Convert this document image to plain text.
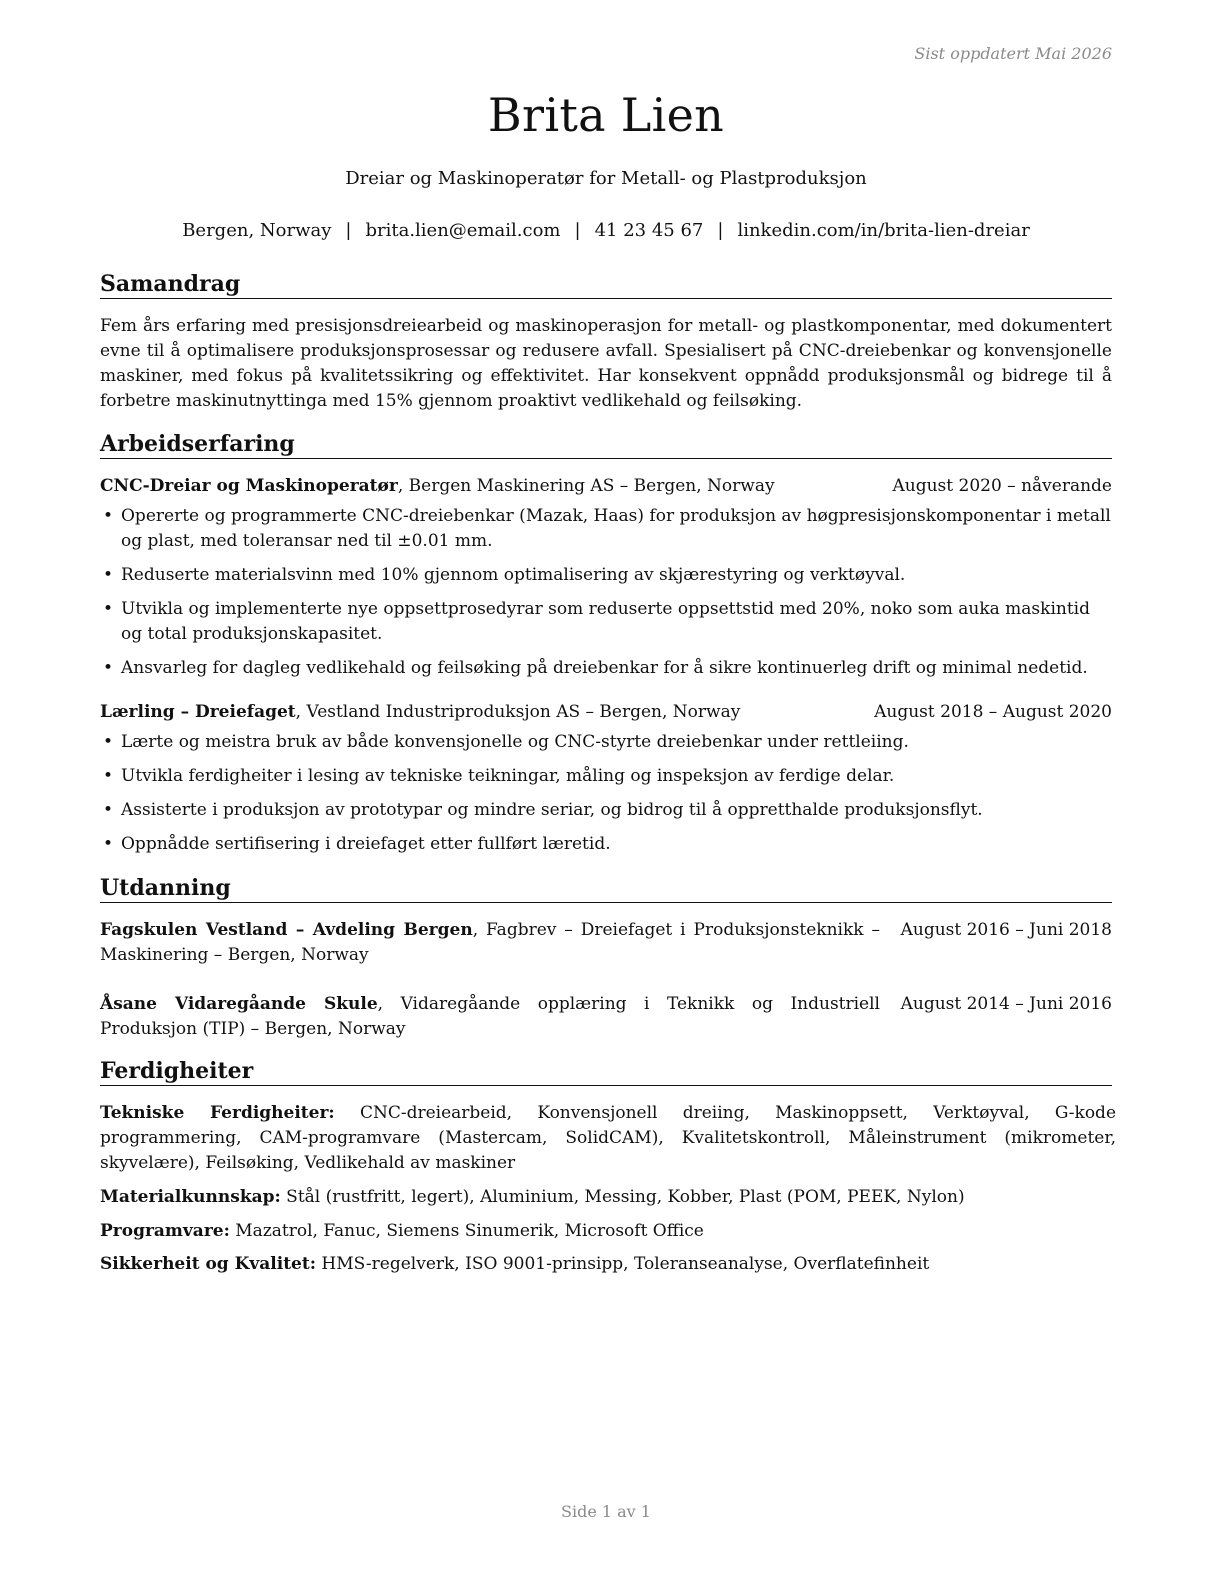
Sist oppdatert Mai 2026
Brita Lien
Dreiar og Maskinoperatør for Metall- og Plastproduksjon
Bergen, Norway | brita.lien@email.com | 41 23 45 67 | linkedin.com/in/brita-lien-dreiar
Samandrag
Fem års erfaring med presisjonsdreiearbeid og maskinoperasjon for metall- og plastkomponentar, med dokumentert evne til å optimalisere produksjonsprosessar og redusere avfall. Spesialisert på CNC-dreiebenkar og konvensjonelle maskiner, med fokus på kvalitetssikring og effektivitet. Har konsekvent oppnådd produksjonsmål og bidrege til å forbetre maskinutnyttinga med 15% gjennom proaktivt vedlikehald og feilsøking.
Arbeidserfaring
CNC-Dreiar og Maskinoperatør, Bergen Maskinering AS – Bergen, Norway	August 2020 – nåverande
• Opererte og programmerte CNC-dreiebenkar (Mazak, Haas) for produksjon av høgpresisjonskomponentar i metall og plast, med toleransar ned til ±0.01 mm.
• Reduserte materialsvinn med 10% gjennom optimalisering av skjærestyring og verktøyval.
• Utvikla og implementerte nye oppsettprosedyrar som reduserte oppsettstid med 20%, noko som auka maskintid og total produksjonskapasitet.
• Ansvarleg for dagleg vedlikehald og feilsøking på dreiebenkar for å sikre kontinuerleg drift og minimal nedetid.
Lærling – Dreiefaget, Vestland Industriproduksjon AS – Bergen, Norway	August 2018 – August 2020
• Lærte og meistra bruk av både konvensjonelle og CNC-styrte dreiebenkar under rettleiing.
• Utvikla ferdigheiter i lesing av tekniske teikningar, måling og inspeksjon av ferdige delar.
• Assisterte i produksjon av prototypar og mindre seriar, og bidrog til å oppretthalde produksjonsflyt.
• Oppnådde sertifisering i dreiefaget etter fullført læretid.
Utdanning
Fagskulen Vestland – Avdeling Bergen, Fagbrev – Dreiefaget i Produksjonsteknikk – Maskinering – Bergen, Norway
August 2016 – Juni 2018
Åsane Vidaregåande Skule, Vidaregåande opplæring i Teknikk og Industriell Produksjon (TIP) – Bergen, Norway
August 2014 – Juni 2016
Ferdigheiter
Tekniske Ferdigheiter: CNC-dreiearbeid, Konvensjonell dreiing, Maskinoppsett, Verktøyval, G-kode programmering, CAM-programvare (Mastercam, SolidCAM), Kvalitetskontroll, Måleinstrument (mikrometer, skyvelære), Feilsøking, Vedlikehald av maskiner
Materialkunnskap: Stål (rustfritt, legert), Aluminium, Messing, Kobber, Plast (POM, PEEK, Nylon)
Programvare: Mazatrol, Fanuc, Siemens Sinumerik, Microsoft Office
Sikkerheit og Kvalitet: HMS-regelverk, ISO 9001-prinsipp, Toleranseanalyse, Overflatefinheit
Side 1 av 1
